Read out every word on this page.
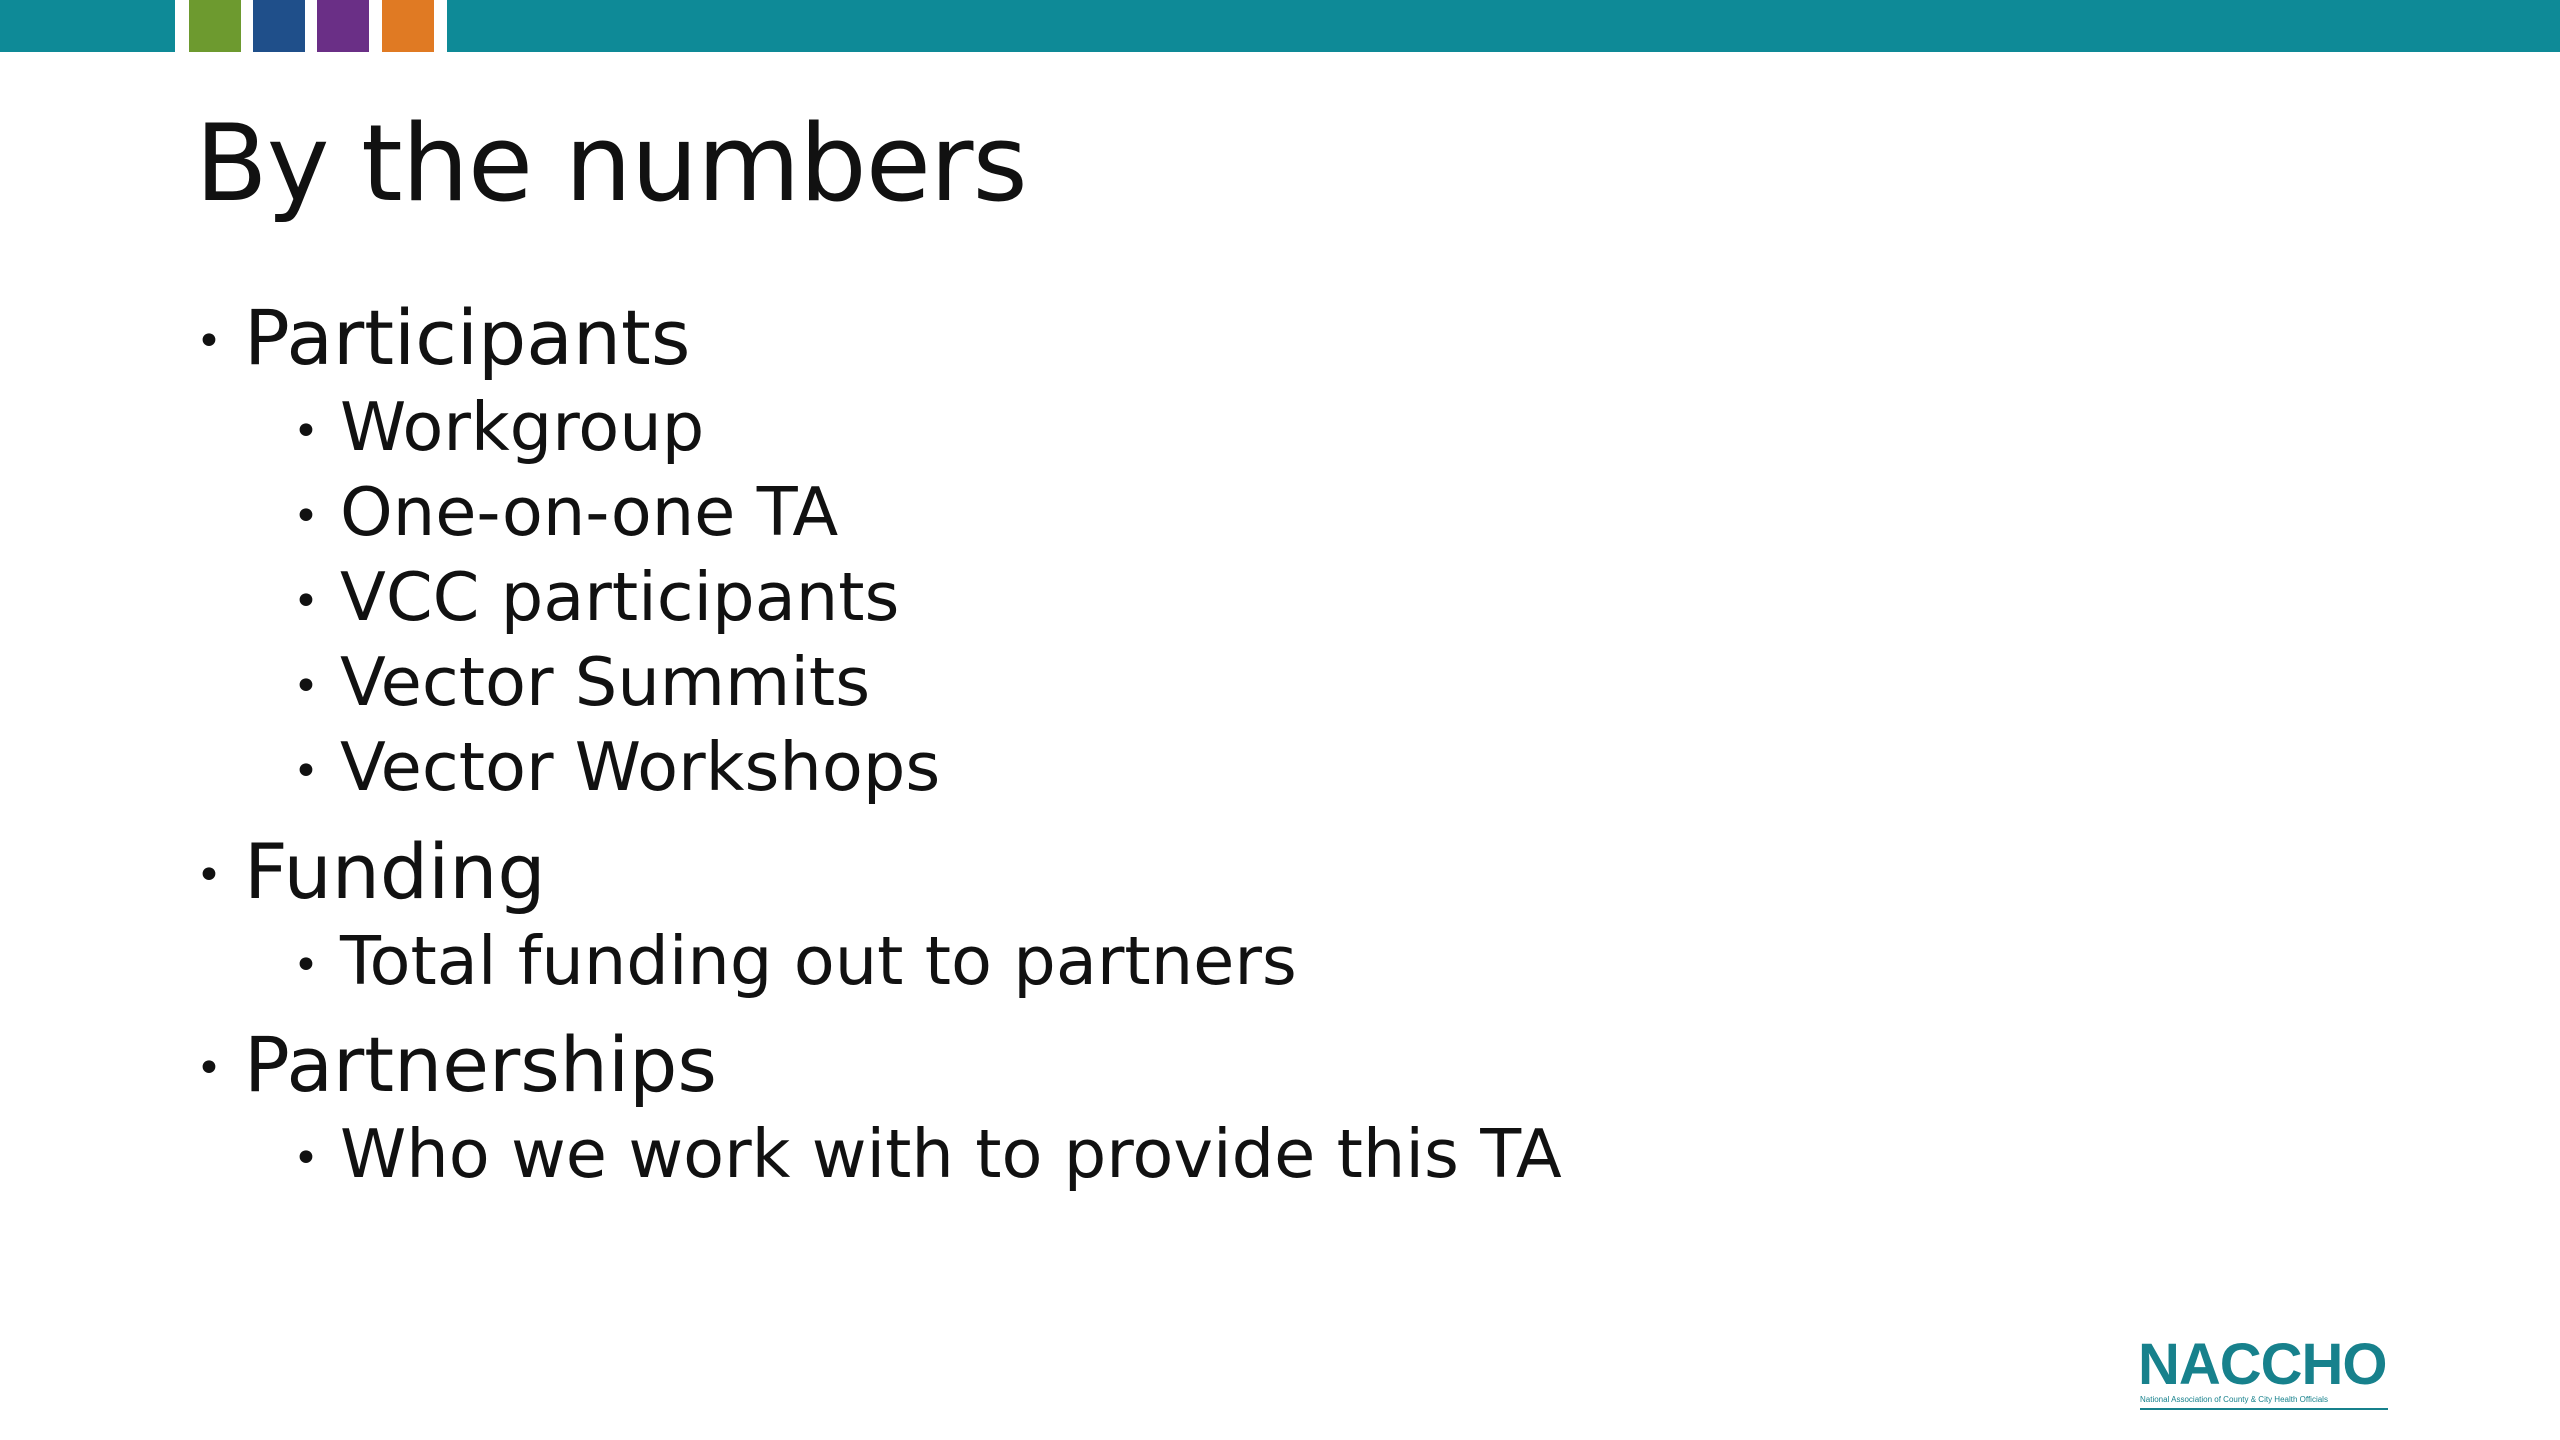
By the numbers
• Participants
• Workgroup
• One-on-one TA
• VCC participants
• Vector Summits
• Vector Workshops
• Funding
• Total funding out to partners
• Partnerships
• Who we work with to provide this TA
NACCHO
National Association of County & City Health Officials
